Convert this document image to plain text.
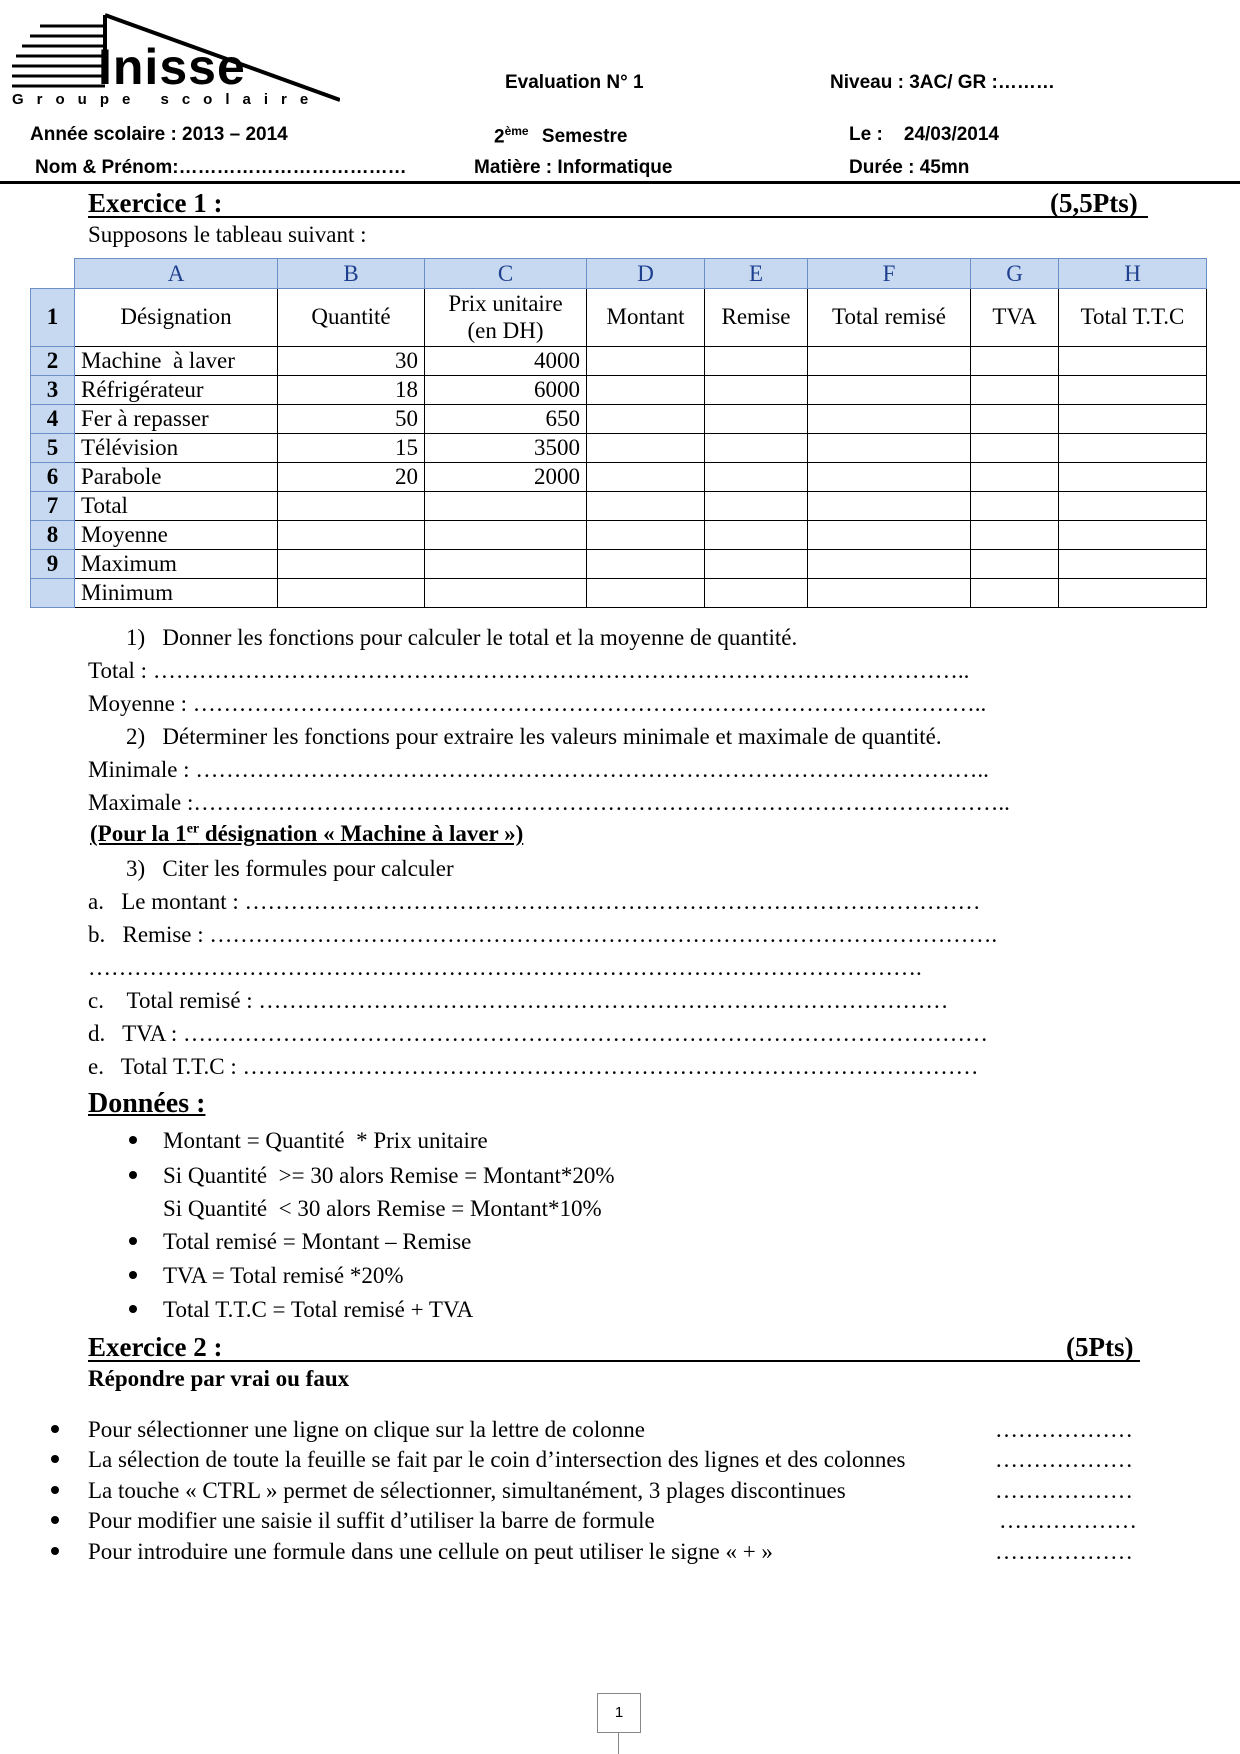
Inisse
Groupe scolaire
Evaluation N° 1	Niveau : 3AC/ GR :………
Année scolaire : 2013 – 2014	2ème Semestre	Le :    24/03/2014
Nom & Prénom:………………………………	Matière : Informatique	Durée : 45mn
Exercice 1 :	(5,5Pts)
Supposons le tableau suivant :
	A	B	C	D	E	F	G	H
1	Désignation	Quantité	Prix unitaire (en DH)	Montant	Remise	Total remisé	TVA	Total T.T.C
2	Machine  à laver	30	4000					
3	Réfrigérateur	18	6000					
4	Fer à repasser	50	650					
5	Télévision	15	3500					
6	Parabole	20	2000					
7	Total							
8	Moyenne							
9	Maximum							
	Minimum							
1)   Donner les fonctions pour calculer le total et la moyenne de quantité.
Total : ……………………………………………………………………………………………..
Moyenne : …………………………………………………………………………………………..
2)   Déterminer les fonctions pour extraire les valeurs minimale et maximale de quantité.
Minimale : …………………………………………………………………………………………..
Maximale :……………………………………………………………………………………………..
(Pour la 1er désignation « Machine à laver »)
3)   Citer les formules pour calculer
a.   Le montant : ……………………………………………………………………………………
b.   Remise : ………………………………………………………………………………………….
……………………………………………………………………………………………….
c.    Total remisé : ………………………………………………………………………………
d.   TVA : ……………………………………………………………………………………………
e.   Total T.T.C : ……………………………………………………………………………………
Données :
Montant = Quantité  * Prix unitaire
Si Quantité  >= 30 alors Remise = Montant*20%
Si Quantité  < 30 alors Remise = Montant*10%
Total remisé = Montant – Remise
TVA = Total remisé *20%
Total T.T.C = Total remisé + TVA
Exercice 2 :	(5Pts)
Répondre par vrai ou faux
Pour sélectionner une ligne on clique sur la lettre de colonne	………………
La sélection de toute la feuille se fait par le coin d’intersection des lignes et des colonnes	………………
La touche « CTRL » permet de sélectionner, simultanément, 3 plages discontinues	………………
Pour modifier une saisie il suffit d’utiliser la barre de formule	………………
Pour introduire une formule dans une cellule on peut utiliser le signe « + »	………………
1
